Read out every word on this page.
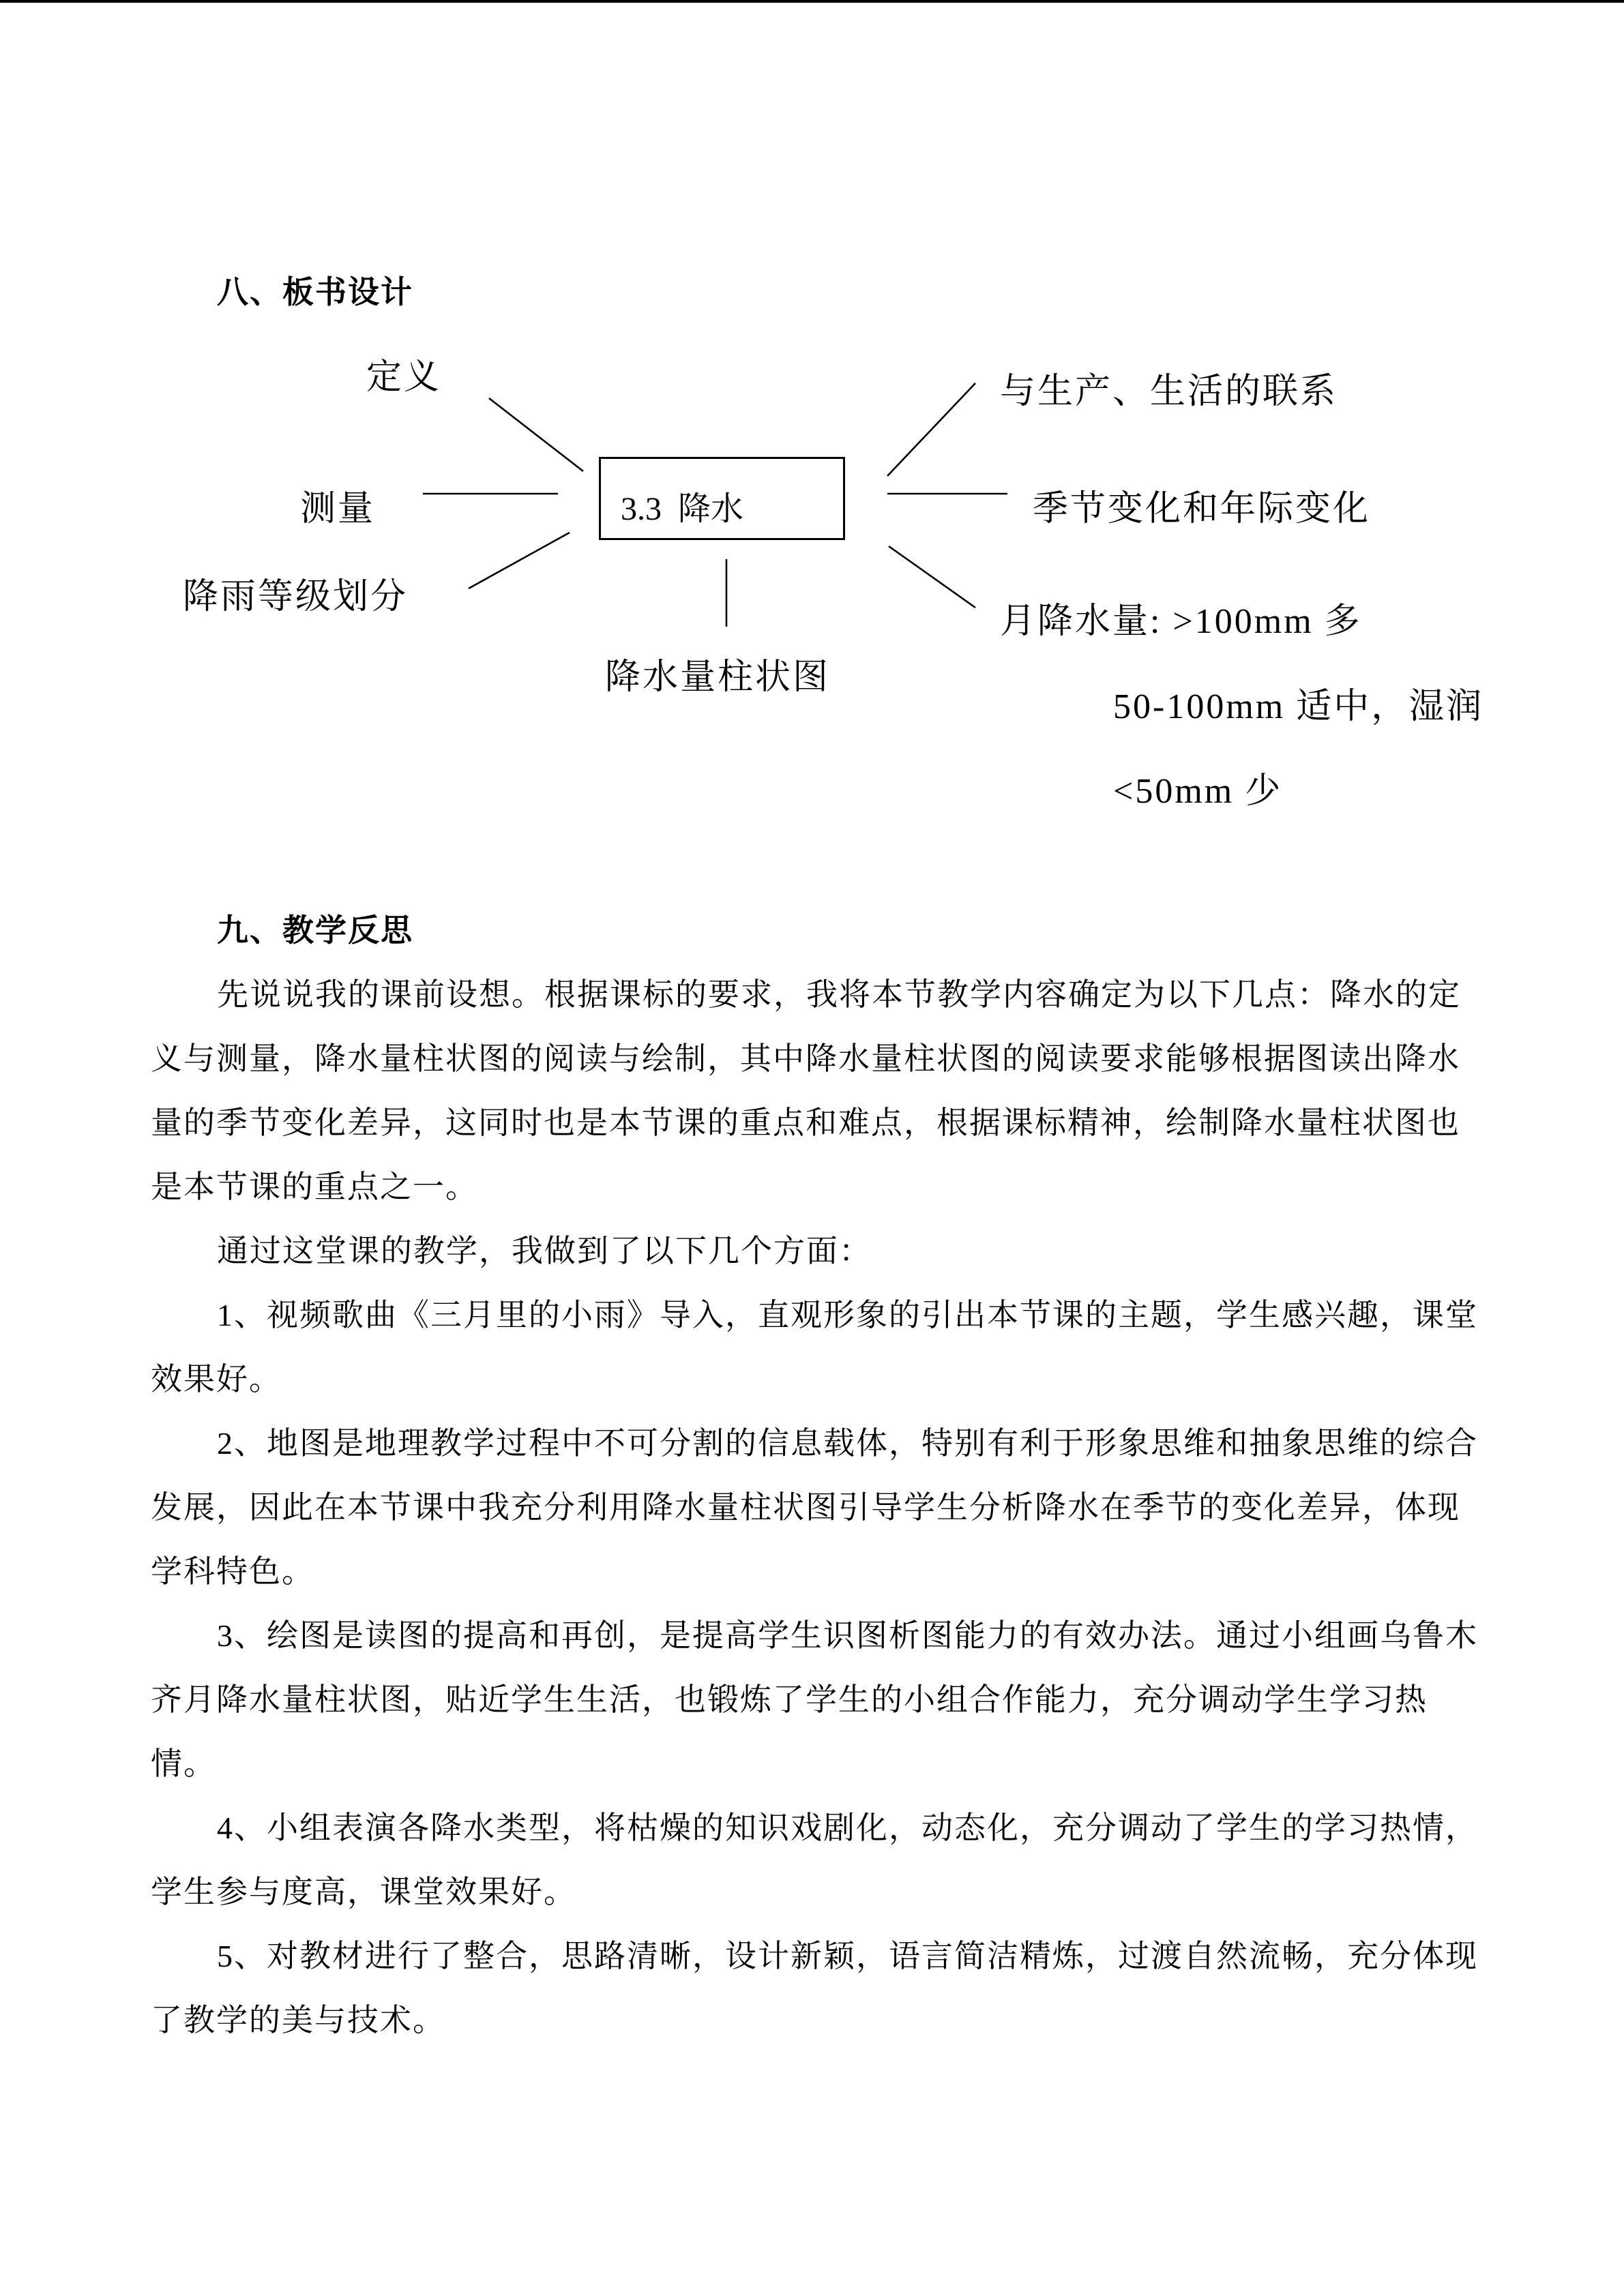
八、板书设计
3.3  降水
定义
测量
降雨等级划分
降水量柱状图
与生产、生活的联系
季节变化和年际变化
月降水量: >100mm 多
50-100mm 适中，湿润
<50mm 少
九、教学反思
先说说我的课前设想。根据课标的要求，我将本节教学内容确定为以下几点：降水的定
义与测量，降水量柱状图的阅读与绘制，其中降水量柱状图的阅读要求能够根据图读出降水
量的季节变化差异，这同时也是本节课的重点和难点，根据课标精神，绘制降水量柱状图也
是本节课的重点之一。
通过这堂课的教学，我做到了以下几个方面：
1、视频歌曲《三月里的小雨》导入，直观形象的引出本节课的主题，学生感兴趣，课堂
效果好。
2、地图是地理教学过程中不可分割的信息载体，特别有利于形象思维和抽象思维的综合
发展，因此在本节课中我充分利用降水量柱状图引导学生分析降水在季节的变化差异，体现
学科特色。
3、绘图是读图的提高和再创，是提高学生识图析图能力的有效办法。通过小组画乌鲁木
齐月降水量柱状图，贴近学生生活，也锻炼了学生的小组合作能力，充分调动学生学习热
情。
4、小组表演各降水类型，将枯燥的知识戏剧化，动态化，充分调动了学生的学习热情，
学生参与度高，课堂效果好。
5、对教材进行了整合，思路清晰，设计新颖，语言简洁精炼，过渡自然流畅，充分体现
了教学的美与技术。
